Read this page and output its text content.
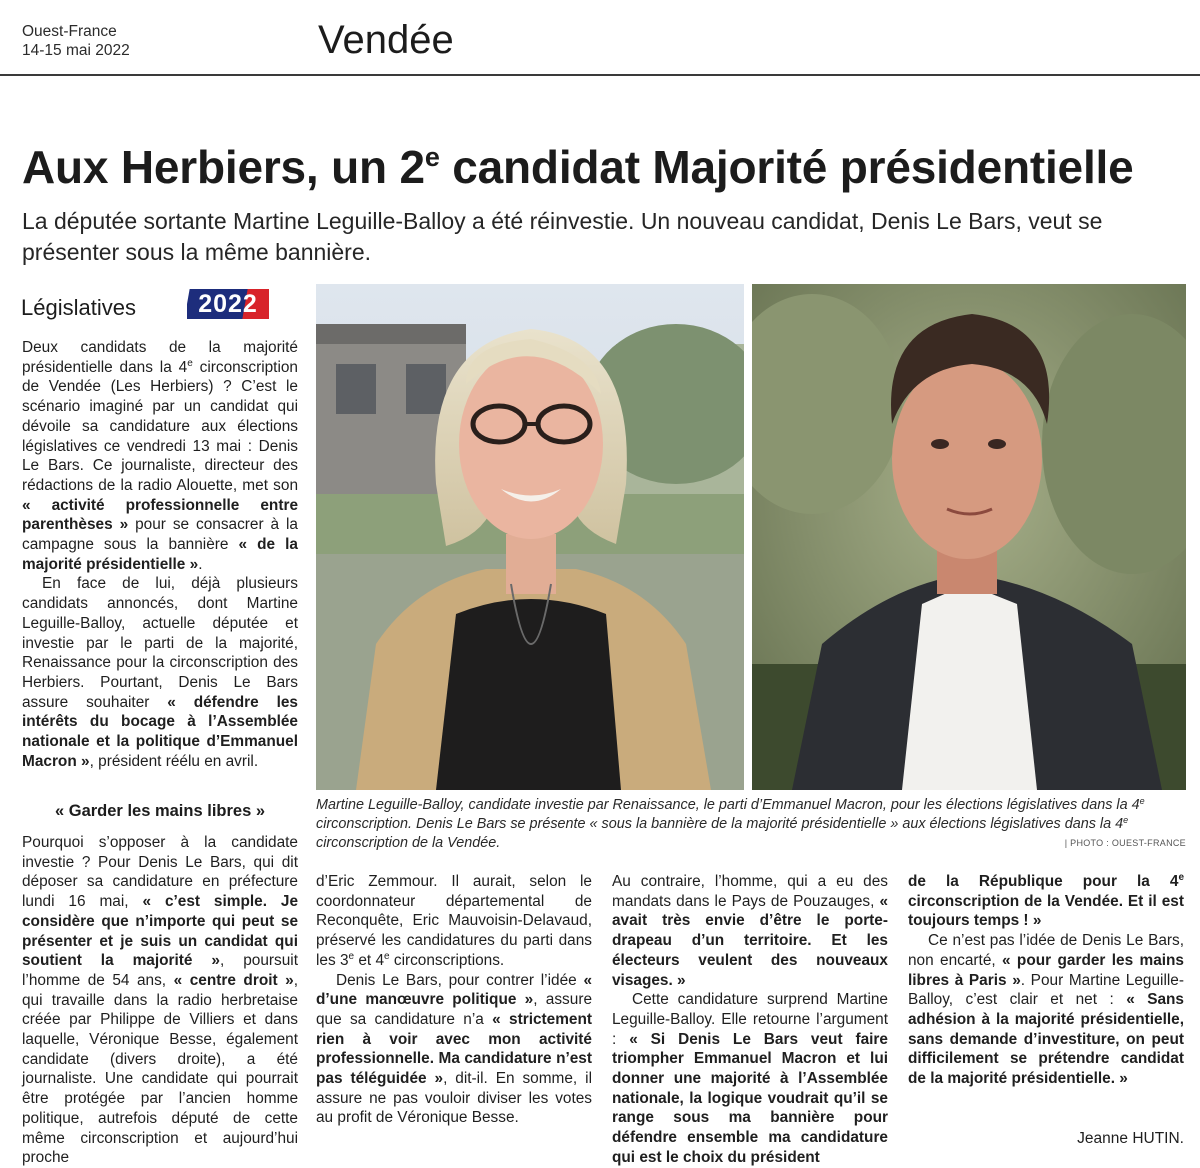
Ouest-France
14-15 mai 2022	Vendée
Aux Herbiers, un 2e candidat Majorité présidentielle
La députée sortante Martine Leguille-Balloy a été réinvestie. Un nouveau candidat, Denis Le Bars, veut se présenter sous la même bannière.
Législatives	2022

Deux candidats de la majorité présidentielle dans la 4e circonscription de Vendée (Les Herbiers) ? C’est le scénario imaginé par un candidat qui dévoile sa candidature aux élections législatives ce vendredi 13 mai : Denis Le Bars. Ce journaliste, directeur des rédactions de la radio Alouette, met son « activité professionnelle entre parenthèses » pour se consacrer à la campagne sous la bannière « de la majorité présidentielle ».

En face de lui, déjà plusieurs candidats annoncés, dont Martine Leguille-Balloy, actuelle députée et investie par le parti de la majorité, Renaissance pour la circonscription des Herbiers. Pourtant, Denis Le Bars assure souhaiter « défendre les intérêts du bocage à l’Assemblée nationale et la politique d’Emmanuel Macron », président réélu en avril.

« Garder les mains libres »

Pourquoi s’opposer à la candidate investie ? Pour Denis Le Bars, qui dit déposer sa candidature en préfecture lundi 16 mai, « c’est simple. Je considère que n’importe qui peut se présenter et je suis un candidat qui soutient la majorité », poursuit l’homme de 54 ans, « centre droit », qui travaille dans la radio herbretaise créée par Philippe de Villiers et dans laquelle, Véronique Besse, également candidate (divers droite), a été journaliste. Une candidate qui pourrait être protégée par l’ancien homme politique, autrefois député de cette même circonscription et aujourd’hui proche

Martine Leguille-Balloy, candidate investie par Renaissance, le parti d’Emmanuel Macron, pour les élections législatives dans la 4e circonscription. Denis Le Bars se présente « sous la bannière de la majorité présidentielle » aux élections législatives dans la 4e circonscription de la Vendée.	| PHOTO : OUEST-FRANCE

d’Eric Zemmour. Il aurait, selon le coordonnateur départemental de Reconquête, Eric Mauvoisin-Delavaud, préservé les candidatures du parti dans les 3e et 4e circonscriptions.

Denis Le Bars, pour contrer l’idée « d’une manœuvre politique », assure que sa candidature n’a « strictement rien à voir avec mon activité professionnelle. Ma candidature n’est pas téléguidée », dit-il. En somme, il assure ne pas vouloir diviser les votes au profit de Véronique Besse.

Au contraire, l’homme, qui a eu des mandats dans le Pays de Pouzauges, « avait très envie d’être le porte-drapeau d’un territoire. Et les électeurs veulent des nouveaux visages. »

Cette candidature surprend Martine Leguille-Balloy. Elle retourne l’argument : « Si Denis Le Bars veut faire triompher Emmanuel Macron et lui donner une majorité à l’Assemblée nationale, la logique voudrait qu’il se range sous ma bannière pour défendre ensemble ma candidature qui est le choix du président

de la République pour la 4e circonscription de la Vendée. Et il est toujours temps ! »

Ce n’est pas l’idée de Denis Le Bars, non encarté, « pour garder les mains libres à Paris ». Pour Martine Leguille-Balloy, c’est clair et net : « Sans adhésion à la majorité présidentielle, sans demande d’investiture, on peut difficilement se prétendre candidat de la majorité présidentielle. »

Jeanne HUTIN.
